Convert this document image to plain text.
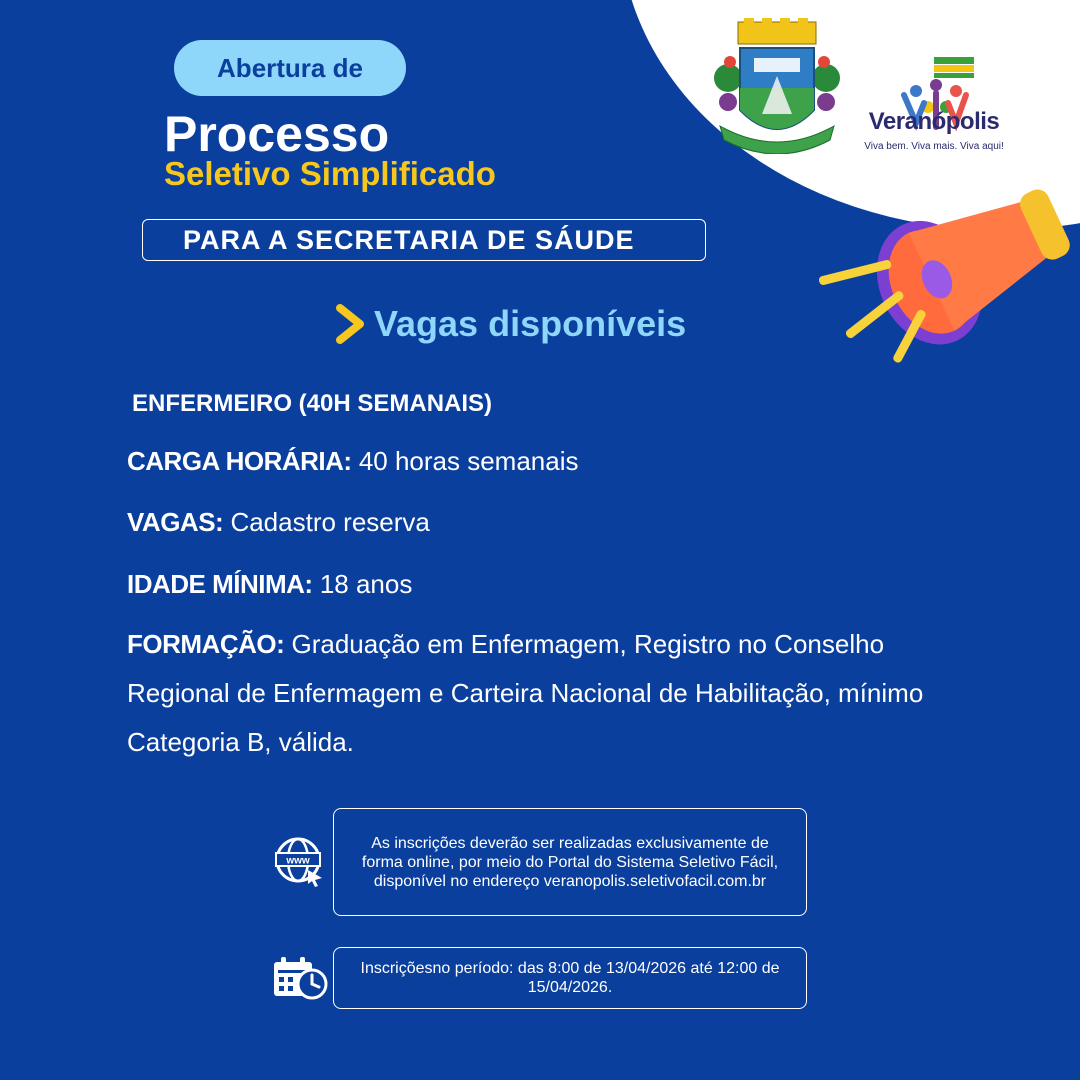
Veranópolis
Viva bem. Viva mais. Viva aqui!
Abertura de
Processo
Seletivo Simplificado
PARA A SECRETARIA DE SÁUDE
Vagas disponíveis
ENFERMEIRO (40H SEMANAIS)
CARGA HORÁRIA: 40 horas semanais
VAGAS: Cadastro reserva
IDADE MÍNIMA: 18 anos
FORMAÇÃO: Graduação em Enfermagem, Registro no Conselho Regional de Enfermagem e Carteira Nacional de Habilitação, mínimo Categoria B, válida.
www
As inscrições deverão ser realizadas exclusivamente de forma online, por meio do Portal do Sistema Seletivo Fácil, disponível no endereço veranopolis.seletivofacil.com.br
Inscriçõesno período: das 8:00 de 13/04/2026 até 12:00 de 15/04/2026.
